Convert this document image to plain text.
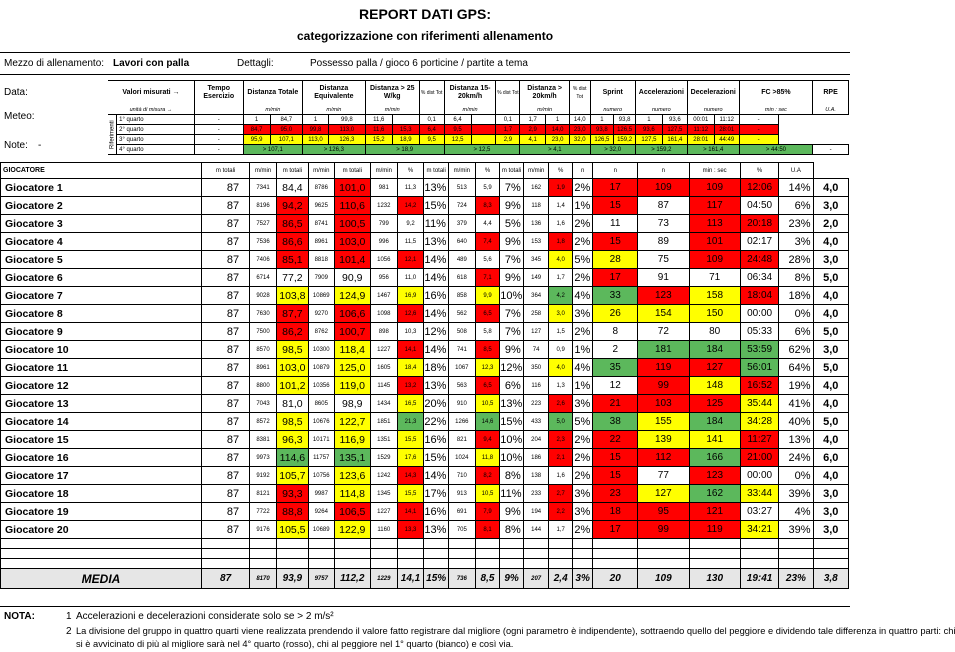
REPORT DATI GPS:
categorizzazione con riferimenti allenamento
Mezzo di allenamento: Lavori con palla	Dettagli:	Possesso palla / gioco 6 porticine / partite a tema
Data:
Meteo:
Note: -
Valori misurati →		Tempo Esercizio	Distanza Totale		Distanza Equivalente		Distanza > 25 W/kg		% dist Tot	Distanza 15-20km/h		% dist Tot	Distanza > 20km/h		% dist Tot	Sprint		Accelerazioni		Decelerazioni		FC >85%	RPE
unità di misura →			m/min		m/min		m/min			m/min			m/min			numero		numero		numero		min : sec	U.A.
Riferimenti	1° quarto	-	1	84,7	1	99,8	11,6		0,1	6,4		0,1	1,7	1	14,0	1	93,8	1	93,6	00:01	11:12	-	
	2° quarto	-	84,7	95,0	99,8	113,0	11,6	15,3	6,4	9,5		1,7	2,9	14,0	23,0	93,8	126,5	93,6	127,5	11:12	28:01	-	
	3° quarto	-	95,9	107,1	113,0	126,3	15,2	18,9	9,5	12,5		2,9	4,1	23,0	32,0	126,5	159,2	127,5	161,4	28:01	44:49	-	
	4° quarto	-	> 107,1		> 126,3		> 18,9			> 12,5			> 4,1			> 32,0		> 159,2		> 161,4		> 44:50	-
GIOCATORE	m totali	m/min	m totali	m/min	m totali	m/min	%	m totali	m/min	%	m totali	m/min	%	n	n	n	min : sec	%	U.A	
Giocatore 1	87	7341	84,4	8786	101,0	981	11,3	13%	513	5,9	7%	162	1,9	2%	17	109	109	12:06	14%	4,0
Giocatore 2	87	8196	94,2	9625	110,6	1232	14,2	15%	724	8,3	9%	118	1,4	1%	15	87	117	04:50	6%	3,0
Giocatore 3	87	7527	86,5	8741	100,5	799	9,2	11%	379	4,4	5%	136	1,6	2%	11	73	113	20:18	23%	2,0
Giocatore 4	87	7536	86,6	8961	103,0	996	11,5	13%	640	7,4	9%	153	1,8	2%	15	89	101	02:17	3%	4,0
Giocatore 5	87	7406	85,1	8818	101,4	1056	12,1	14%	489	5,6	7%	345	4,0	5%	28	75	109	24:48	28%	3,0
Giocatore 6	87	6714	77,2	7909	90,9	956	11,0	14%	618	7,1	9%	149	1,7	2%	17	91	71	06:34	8%	5,0
Giocatore 7	87	9028	103,8	10869	124,9	1467	16,9	16%	858	9,9	10%	364	4,2	4%	33	123	158	18:04	18%	4,0
Giocatore 8	87	7630	87,7	9270	106,6	1098	12,6	14%	562	6,5	7%	258	3,0	3%	26	154	150	00:00	0%	4,0
Giocatore 9	87	7500	86,2	8762	100,7	898	10,3	12%	508	5,8	7%	127	1,5	2%	8	72	80	05:33	6%	5,0
Giocatore 10	87	8570	98,5	10300	118,4	1227	14,1	14%	741	8,5	9%	74	0,9	1%	2	181	184	53:59	62%	3,0
Giocatore 11	87	8961	103,0	10879	125,0	1605	18,4	18%	1067	12,3	12%	350	4,0	4%	35	119	127	56:01	64%	5,0
Giocatore 12	87	8800	101,2	10356	119,0	1145	13,2	13%	563	6,5	6%	116	1,3	1%	12	99	148	16:52	19%	4,0
Giocatore 13	87	7043	81,0	8605	98,9	1434	16,5	20%	910	10,5	13%	223	2,6	3%	21	103	125	35:44	41%	4,0
Giocatore 14	87	8572	98,5	10676	122,7	1851	21,3	22%	1266	14,6	15%	433	5,0	5%	38	155	184	34:28	40%	5,0
Giocatore 15	87	8381	96,3	10171	116,9	1351	15,5	16%	821	9,4	10%	204	2,3	2%	22	139	141	11:27	13%	4,0
Giocatore 16	87	9973	114,6	11757	135,1	1529	17,6	15%	1024	11,8	10%	186	2,1	2%	15	112	166	21:00	24%	6,0
Giocatore 17	87	9192	105,7	10756	123,6	1242	14,3	14%	710	8,2	8%	138	1,6	2%	15	77	123	00:00	0%	4,0
Giocatore 18	87	8121	93,3	9987	114,8	1345	15,5	17%	913	10,5	11%	233	2,7	3%	23	127	162	33:44	39%	3,0
Giocatore 19	87	7722	88,8	9264	106,5	1227	14,1	16%	691	7,9	9%	194	2,2	3%	18	95	121	03:27	4%	3,0
Giocatore 20	87	9176	105,5	10689	122,9	1160	13,3	13%	705	8,1	8%	144	1,7	2%	17	99	119	34:21	39%	3,0

MEDIA	87	8170	93,9	9757	112,2	1229	14,1	15%	736	8,5	9%	207	2,4	3%	20	109	130	19:41	23%	3,8
NOTA:	1 Accelerazioni e decelerazioni considerate solo se > 2 m/s²
2 La divisione del gruppo in quattro quarti viene realizzata prendendo il valore fatto registrare dal migliore (ogni parametro è indipendente), sottraendo quello del peggiore e dividendo tale differenza in quattro parti: chi
si è avvicinato di più al migliore sarà nel 4° quarto (rosso), chi al peggiore nel 1° quarto (bianco) e così via.
